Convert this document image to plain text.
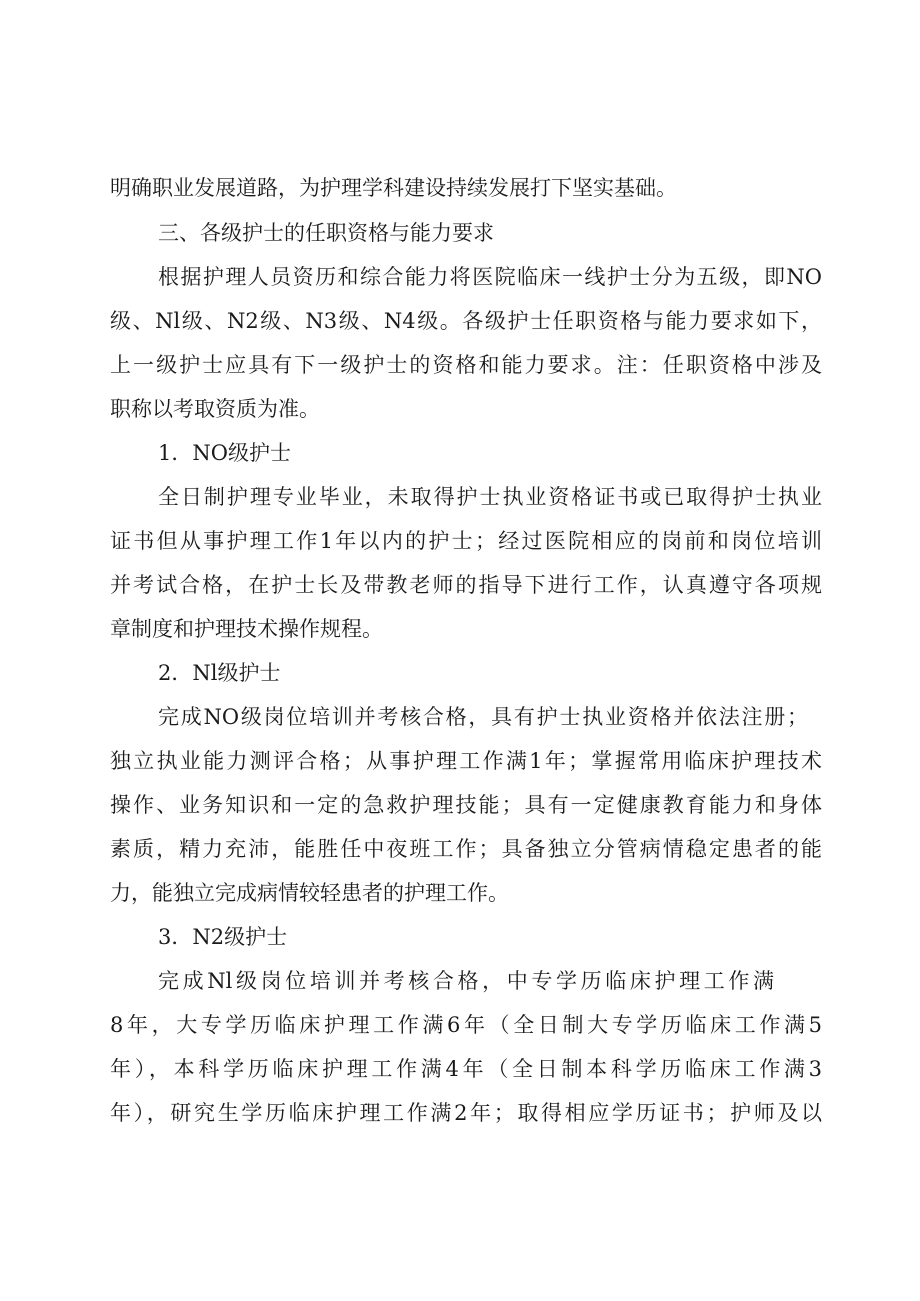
明确职业发展道路，为护理学科建设持续发展打下坚实基础。
三、各级护士的任职资格与能力要求
根据护理人员资历和综合能力将医院临床一线护士分为五级，即NO
级、Nl级、N2级、N3级、N4级。各级护士任职资格与能力要求如下，
上一级护士应具有下一级护士的资格和能力要求。注：任职资格中涉及
职称以考取资质为准。
1．NO级护士
全日制护理专业毕业，未取得护士执业资格证书或已取得护士执业
证书但从事护理工作1年以内的护士；经过医院相应的岗前和岗位培训
并考试合格，在护士长及带教老师的指导下进行工作，认真遵守各项规
章制度和护理技术操作规程。
2．Nl级护士
完成NO级岗位培训并考核合格，具有护士执业资格并依法注册；
独立执业能力测评合格；从事护理工作满1年；掌握常用临床护理技术
操作、业务知识和一定的急救护理技能；具有一定健康教育能力和身体
素质，精力充沛，能胜任中夜班工作；具备独立分管病情稳定患者的能
力，能独立完成病情较轻患者的护理工作。
3．N2级护士
完成Nl级岗位培训并考核合格，中专学历临床护理工作满
8年，大专学历临床护理工作满6年（全日制大专学历临床工作满5
年），本科学历临床护理工作满4年（全日制本科学历临床工作满3
年），研究生学历临床护理工作满2年；取得相应学历证书；护师及以
